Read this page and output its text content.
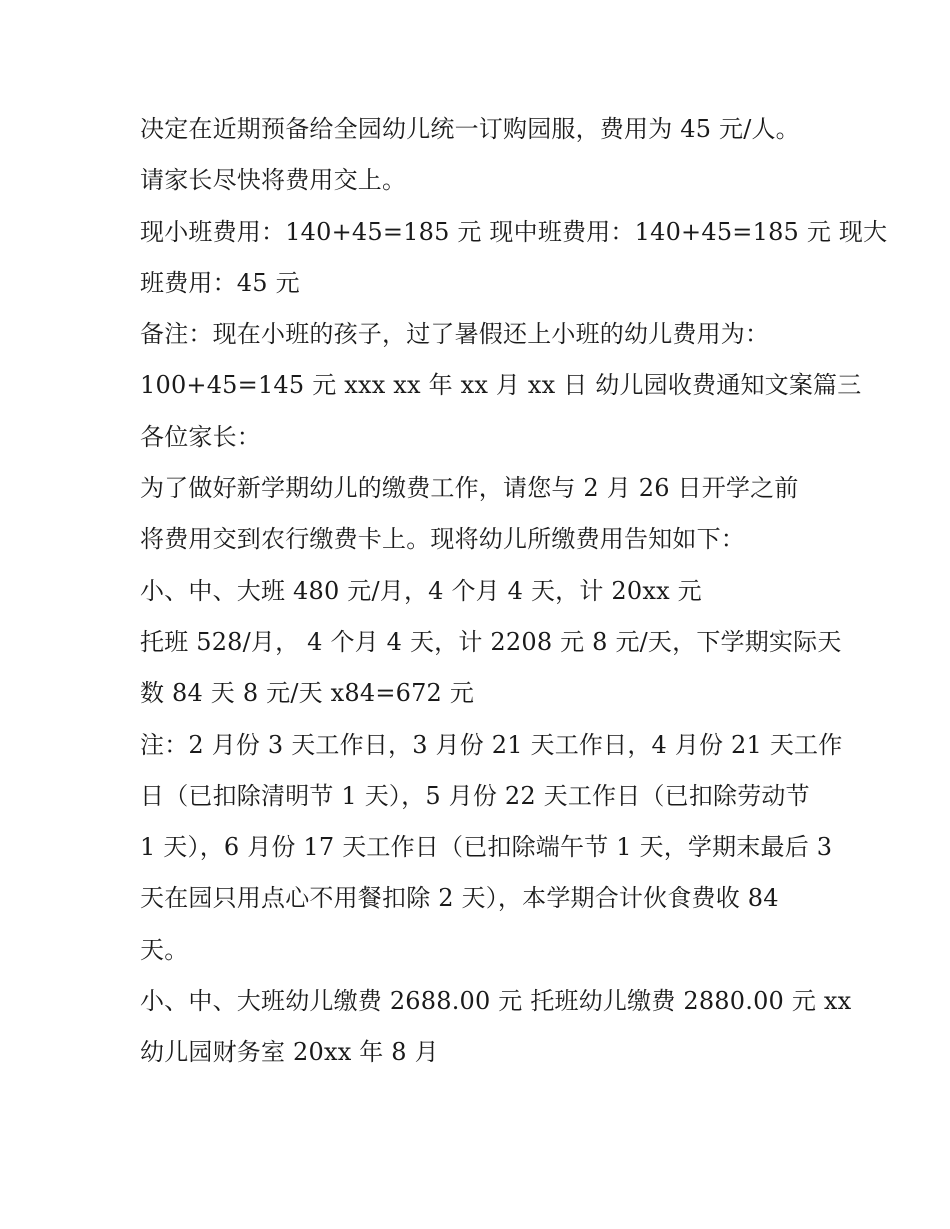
决定在近期预备给全园幼儿统一订购园服，费用为 45 元/人。
请家长尽快将费用交上。
现小班费用：140+45=185 元 现中班费用：140+45=185 元 现大
班费用：45 元
备注：现在小班的孩子，过了暑假还上小班的幼儿费用为：
100+45=145 元 xxx xx 年 xx 月 xx 日 幼儿园收费通知文案篇三
各位家长：
为了做好新学期幼儿的缴费工作，请您与 2 月 26 日开学之前
将费用交到农行缴费卡上。现将幼儿所缴费用告知如下：
小、中、大班 480 元/月，4 个月 4 天，计 20xx 元
托班 528/月， 4 个月 4 天，计 2208 元 8 元/天，下学期实际天
数 84 天 8 元/天 x84=672 元
注：2 月份 3 天工作日，3 月份 21 天工作日，4 月份 21 天工作
日（已扣除清明节 1 天），5 月份 22 天工作日（已扣除劳动节
1 天），6 月份 17 天工作日（已扣除端午节 1 天，学期末最后 3
天在园只用点心不用餐扣除 2 天），本学期合计伙食费收 84
天。
小、中、大班幼儿缴费 2688.00 元 托班幼儿缴费 2880.00 元 xx
幼儿园财务室 20xx 年 8 月
